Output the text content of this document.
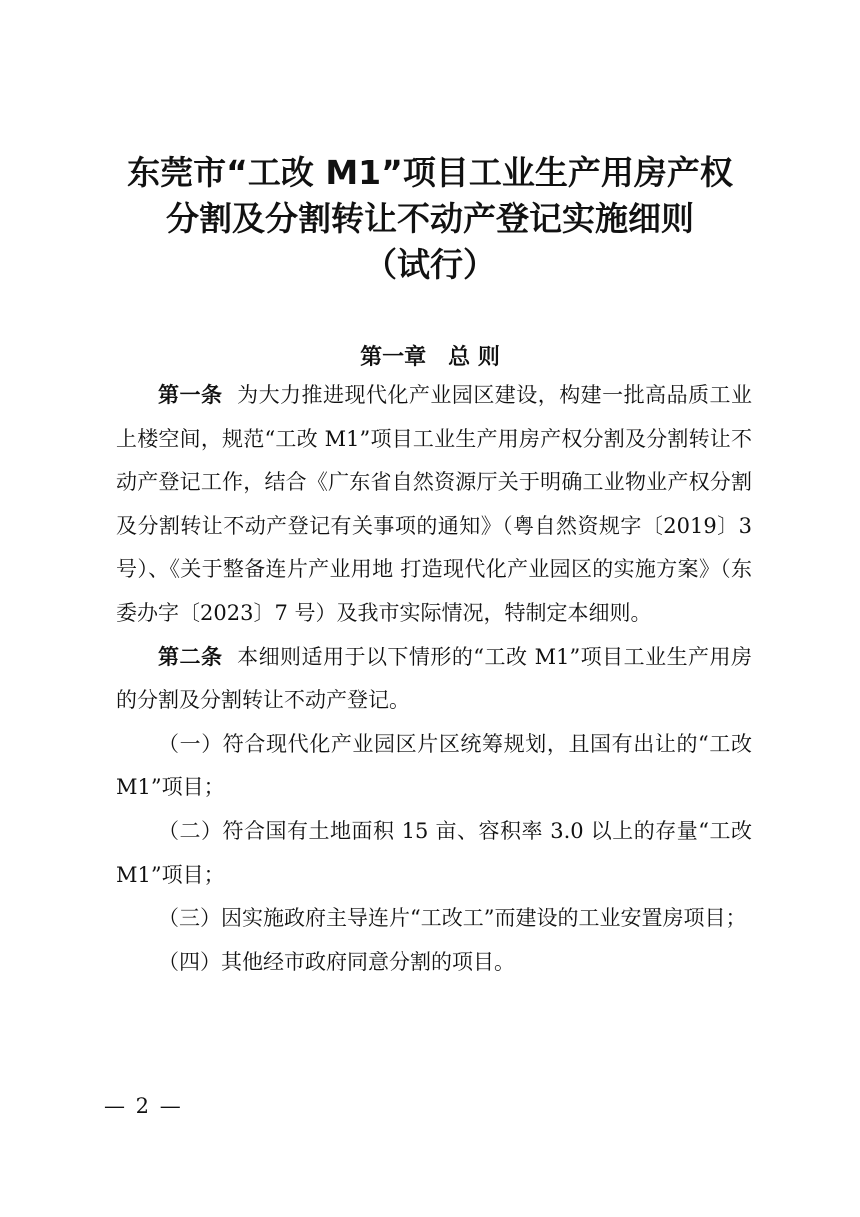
东莞市“工改 M1”项目工业生产用房产权
分割及分割转让不动产登记实施细则
（试行）
第一章　总 则

第一条 为大力推进现代化产业园区建设，构建一批高品质工业上楼空间，规范“工改 M1”项目工业生产用房产权分割及分割转让不动产登记工作，结合《广东省自然资源厅关于明确工业物业产权分割及分割转让不动产登记有关事项的通知》（粤自然资规字〔2019〕3 号）、《关于整备连片产业用地 打造现代化产业园区的实施方案》（东委办字〔2023〕7 号）及我市实际情况，特制定本细则。

第二条 本细则适用于以下情形的“工改 M1”项目工业生产用房的分割及分割转让不动产登记。

（一）符合现代化产业园区片区统筹规划，且国有出让的“工改 M1”项目；

（二）符合国有土地面积 15 亩、容积率 3.0 以上的存量“工改 M1”项目；

（三）因实施政府主导连片“工改工”而建设的工业安置房项目；

（四）其他经市政府同意分割的项目。

— 2 —
